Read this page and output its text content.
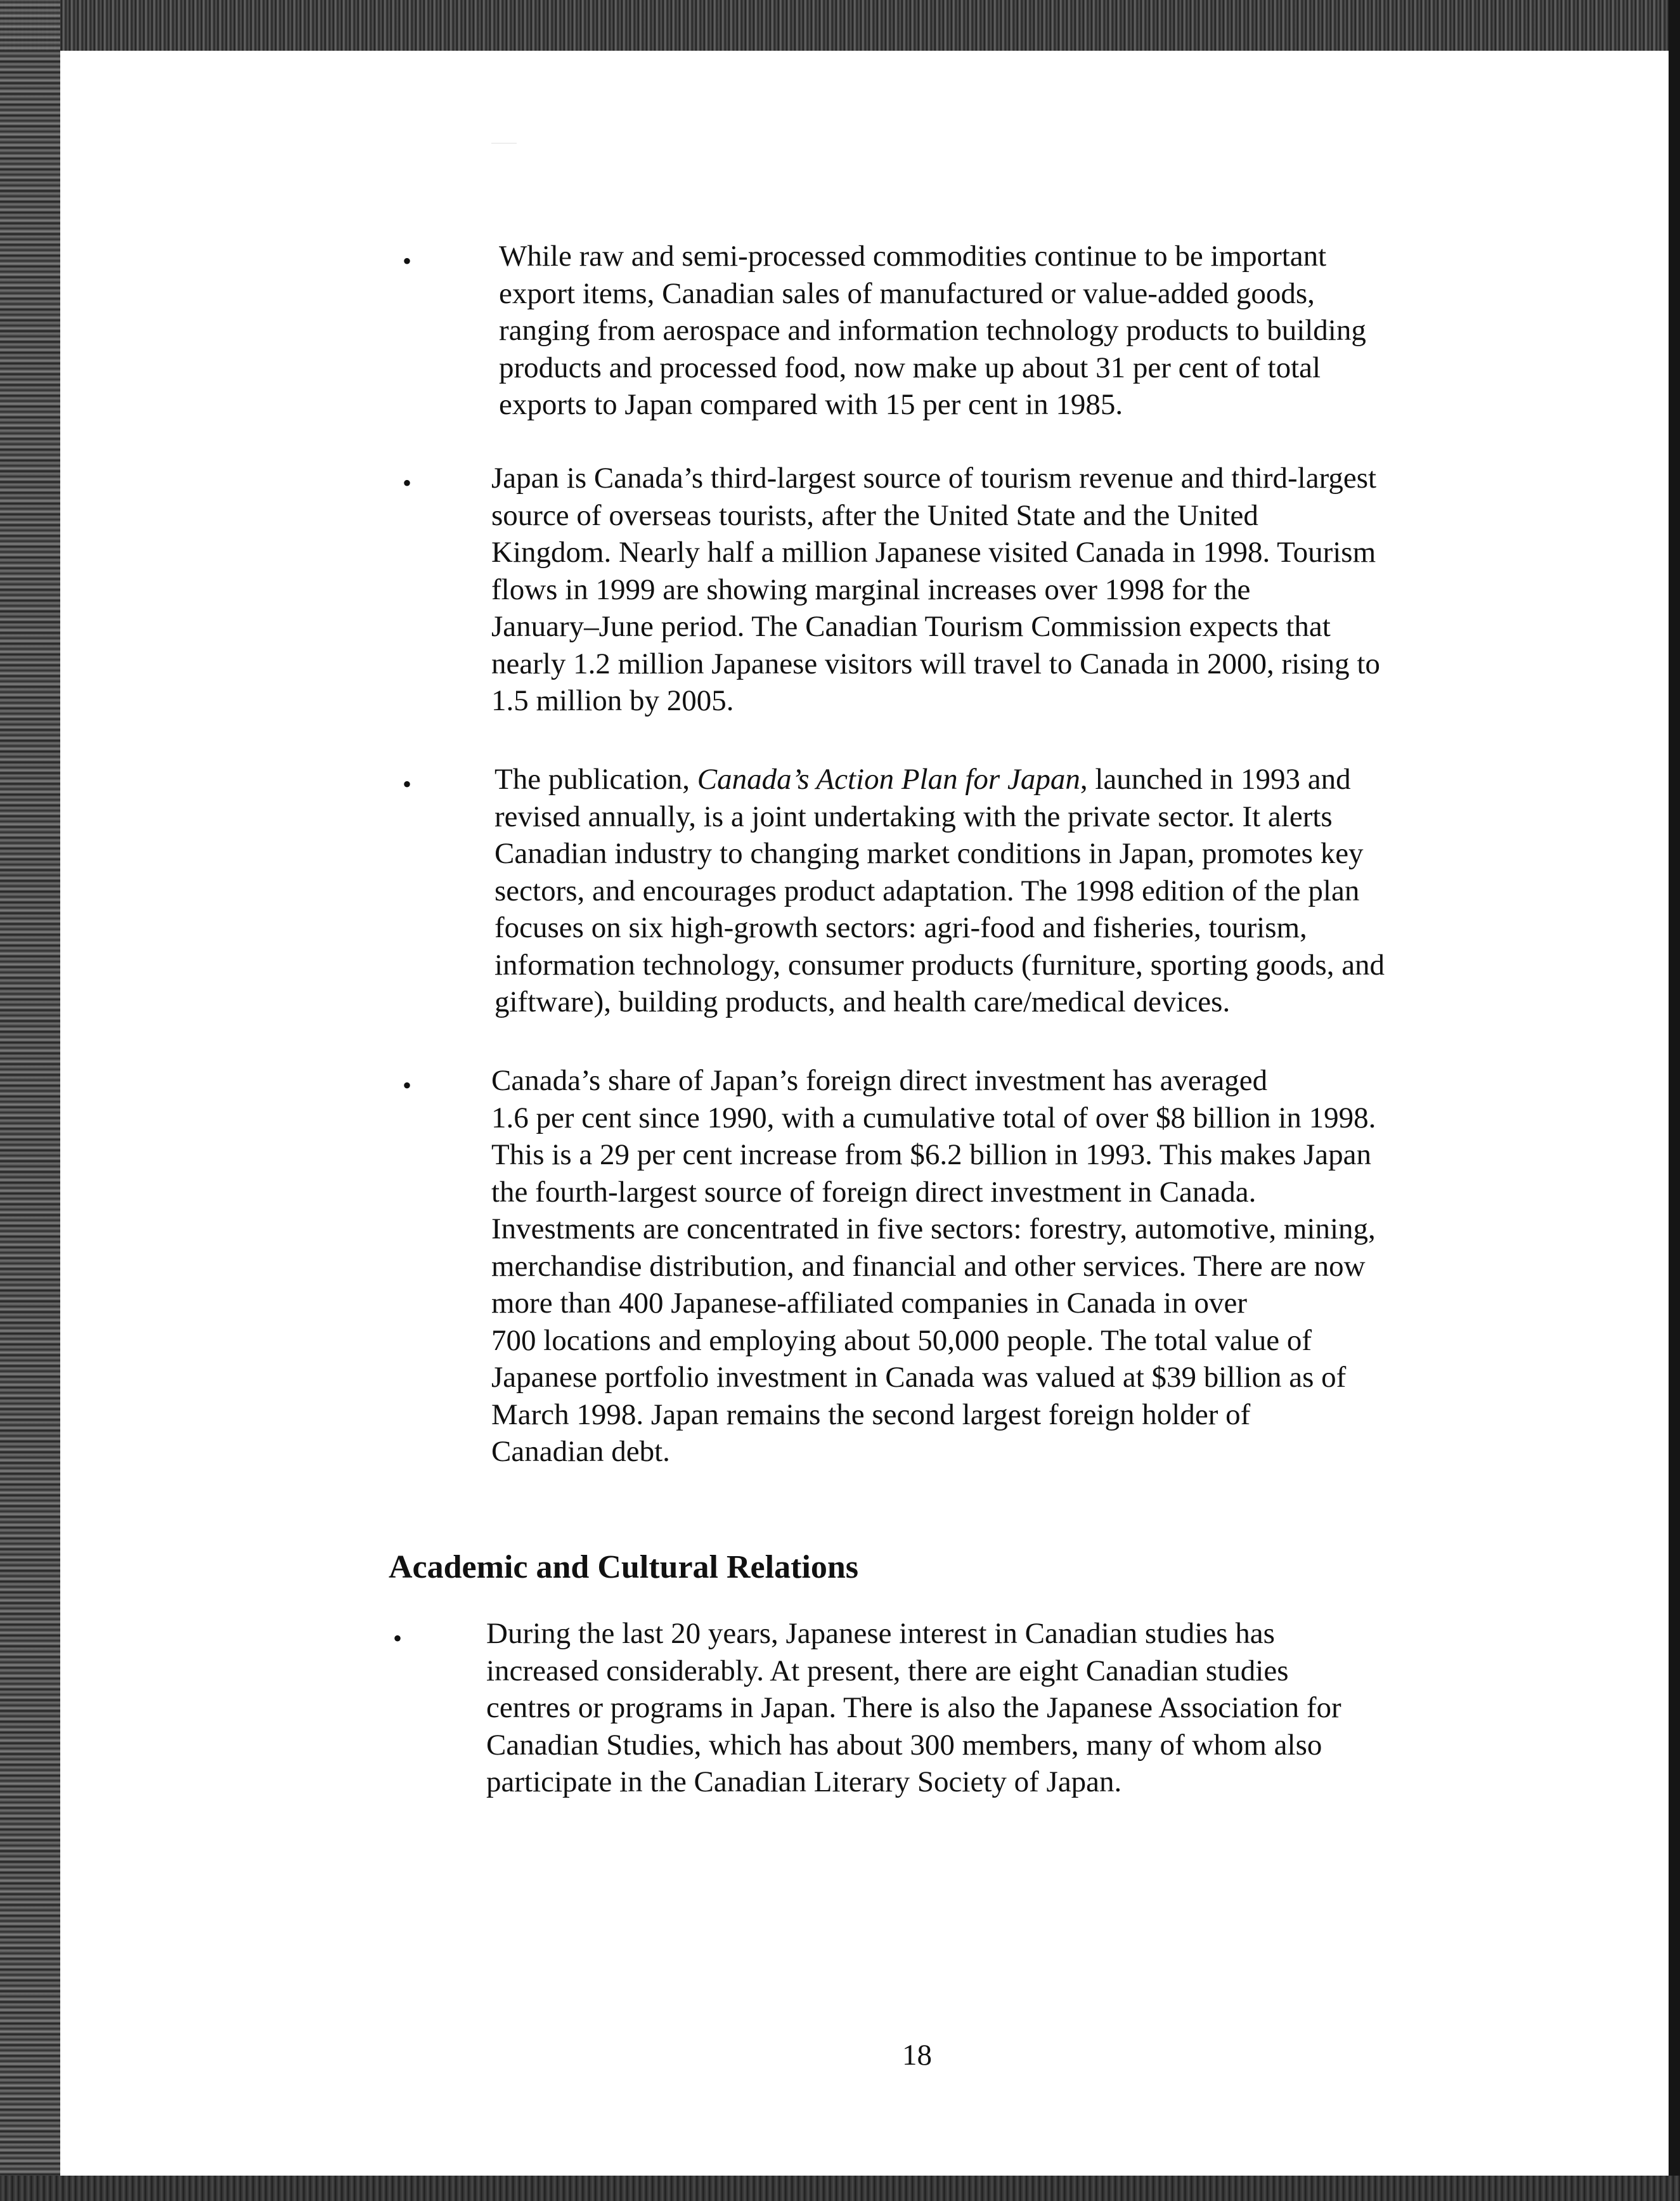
•	While raw and semi-processed commodities continue to be important
export items, Canadian sales of manufactured or value-added goods,
ranging from aerospace and information technology products to building
products and processed food, now make up about 31 per cent of total
exports to Japan compared with 15 per cent in 1985.
•	Japan is Canada’s third-largest source of tourism revenue and third-largest
source of overseas tourists, after the United State and the United
Kingdom. Nearly half a million Japanese visited Canada in 1998. Tourism
flows in 1999 are showing marginal increases over 1998 for the
January–June period. The Canadian Tourism Commission expects that
nearly 1.2 million Japanese visitors will travel to Canada in 2000, rising to
1.5 million by 2005.
•	The publication, Canada’s Action Plan for Japan, launched in 1993 and
revised annually, is a joint undertaking with the private sector. It alerts
Canadian industry to changing market conditions in Japan, promotes key
sectors, and encourages product adaptation. The 1998 edition of the plan
focuses on six high-growth sectors: agri-food and fisheries, tourism,
information technology, consumer products (furniture, sporting goods, and
giftware), building products, and health care/medical devices.
•	Canada’s share of Japan’s foreign direct investment has averaged
1.6 per cent since 1990, with a cumulative total of over $8 billion in 1998.
This is a 29 per cent increase from $6.2 billion in 1993. This makes Japan
the fourth-largest source of foreign direct investment in Canada.
Investments are concentrated in five sectors: forestry, automotive, mining,
merchandise distribution, and financial and other services. There are now
more than 400 Japanese-affiliated companies in Canada in over
700 locations and employing about 50,000 people. The total value of
Japanese portfolio investment in Canada was valued at $39 billion as of
March 1998. Japan remains the second largest foreign holder of
Canadian debt.
Academic and Cultural Relations
•	During the last 20 years, Japanese interest in Canadian studies has
increased considerably. At present, there are eight Canadian studies
centres or programs in Japan. There is also the Japanese Association for
Canadian Studies, which has about 300 members, many of whom also
participate in the Canadian Literary Society of Japan.
18
